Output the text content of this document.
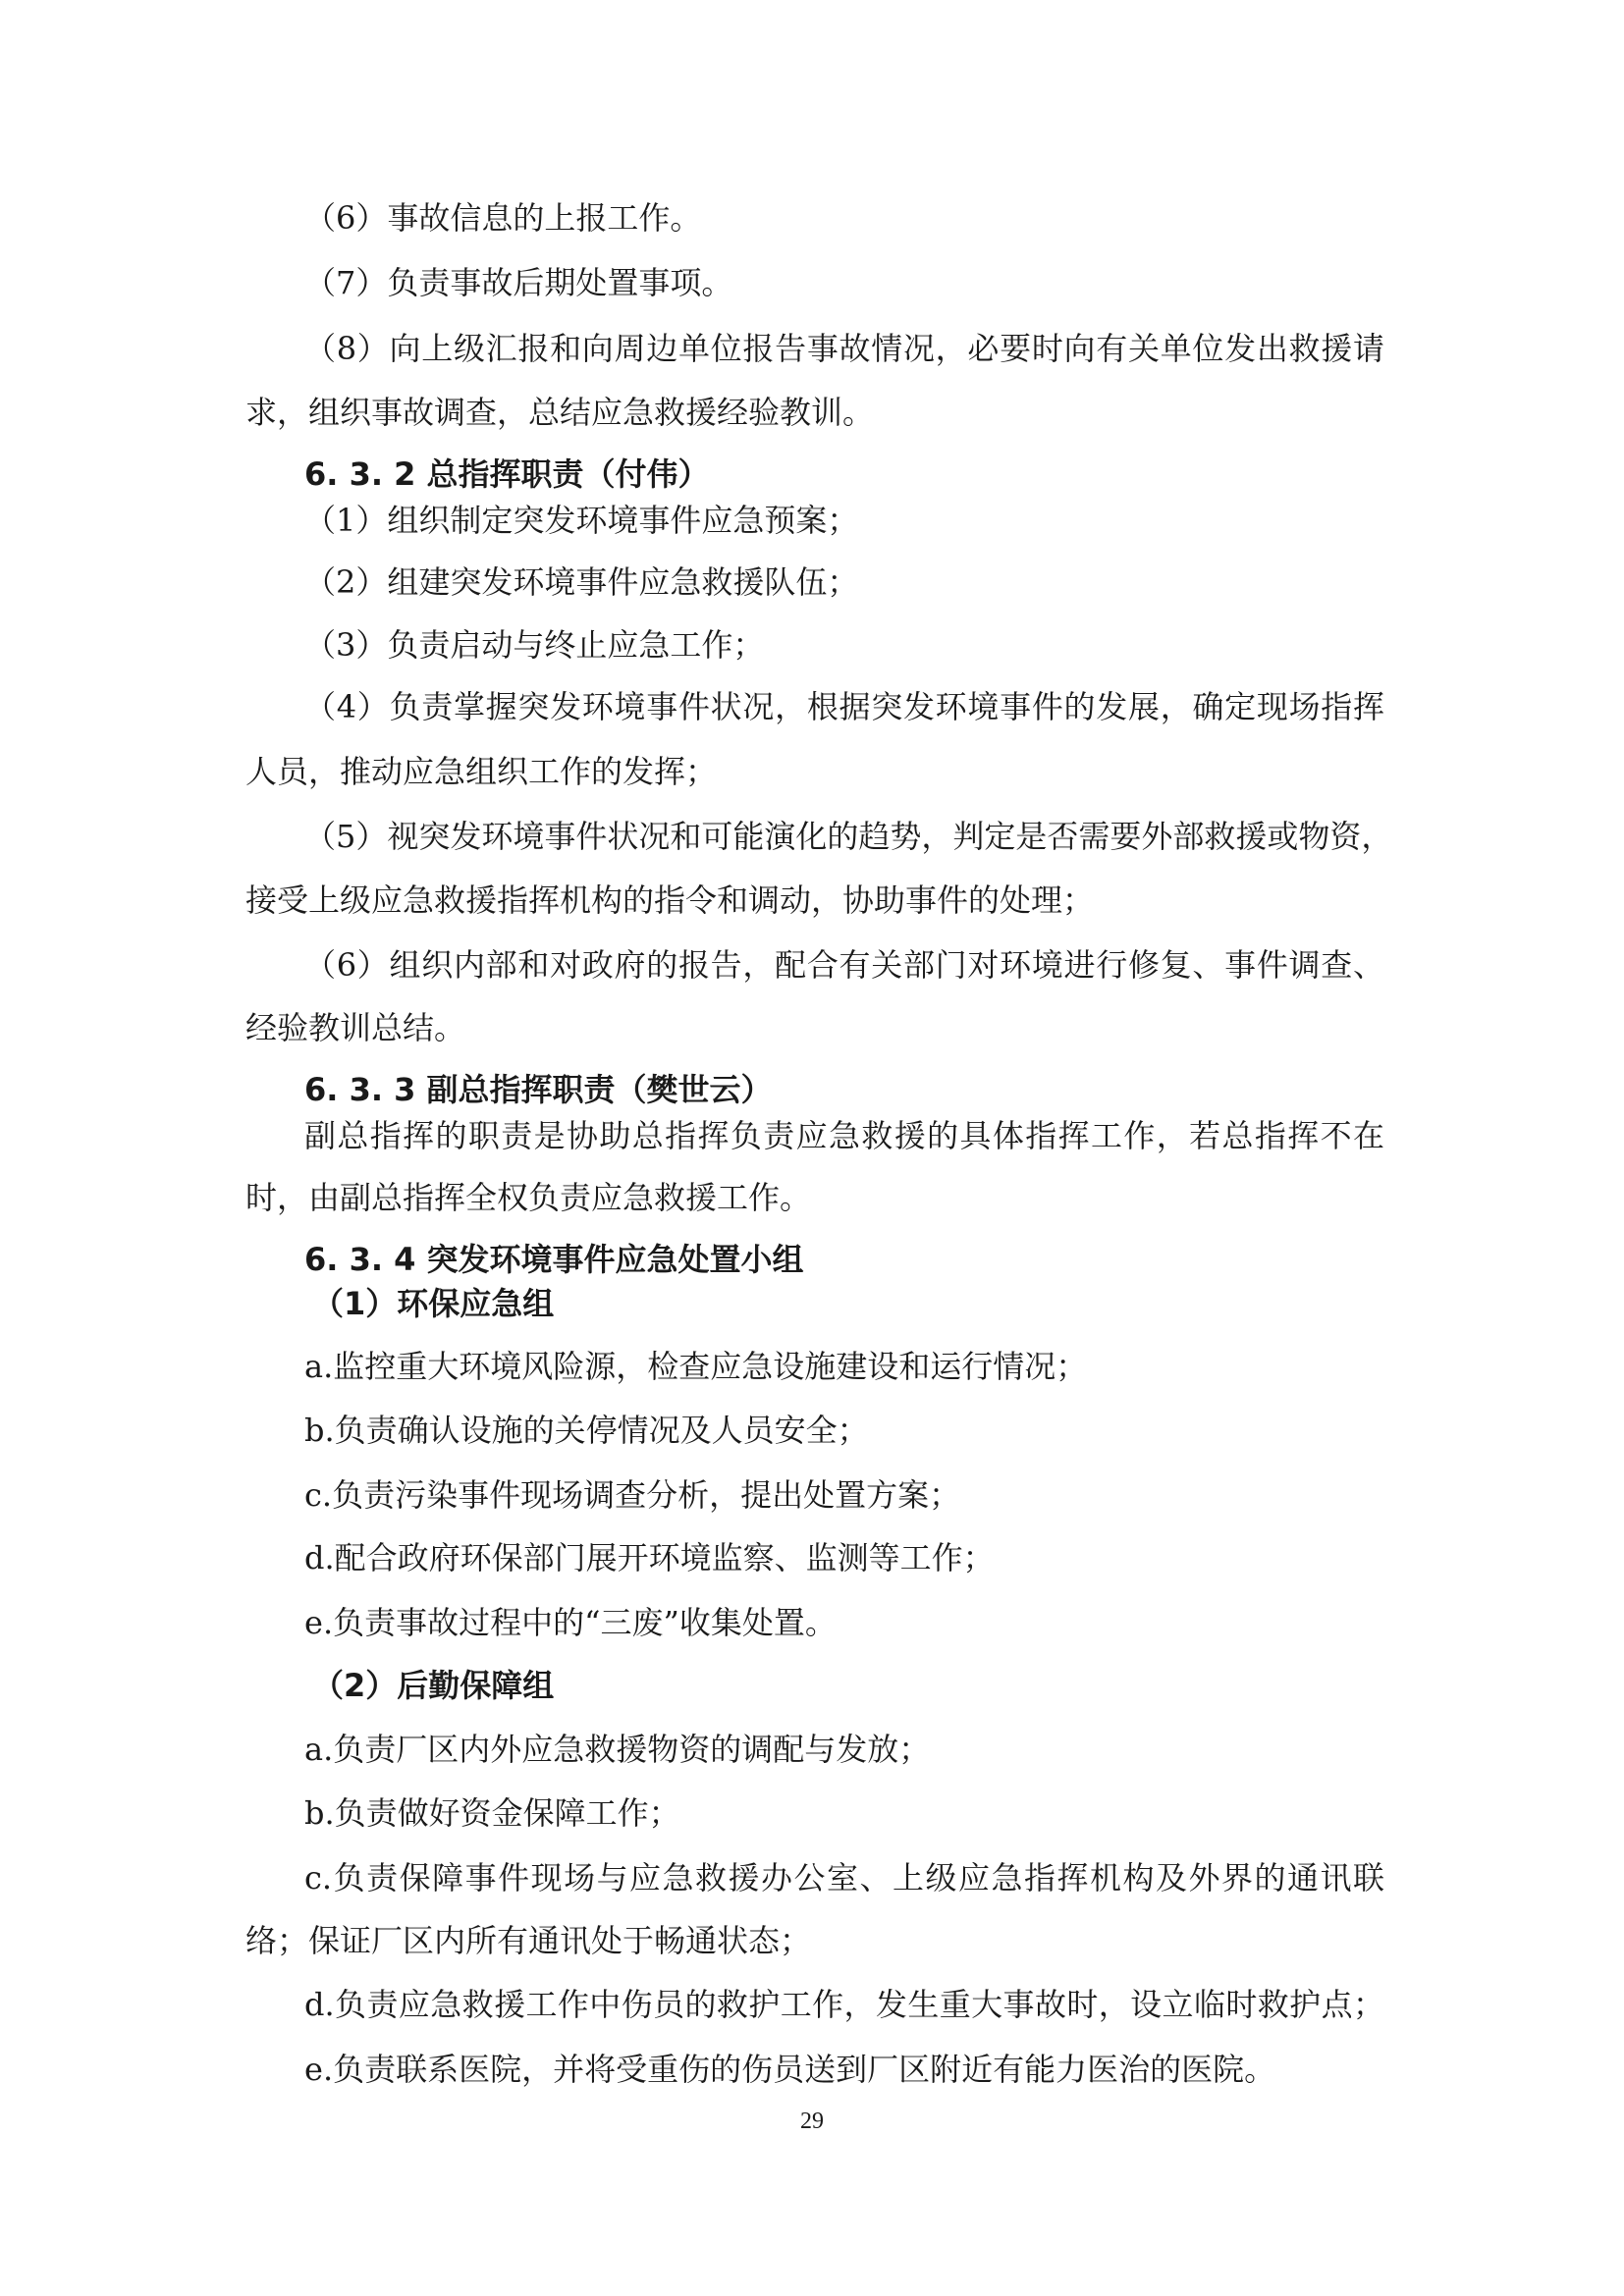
（6）事故信息的上报工作。
（7）负责事故后期处置事项。
（8）向上级汇报和向周边单位报告事故情况，必要时向有关单位发出救援请
求，组织事故调查，总结应急救援经验教训。
6. 3. 2 总指挥职责（付伟）
（1）组织制定突发环境事件应急预案；
（2）组建突发环境事件应急救援队伍；
（3）负责启动与终止应急工作；
（4）负责掌握突发环境事件状况，根据突发环境事件的发展，确定现场指挥
人员，推动应急组织工作的发挥；
（5）视突发环境事件状况和可能演化的趋势，判定是否需要外部救援或物资，
接受上级应急救援指挥机构的指令和调动，协助事件的处理；
（6）组织内部和对政府的报告，配合有关部门对环境进行修复、事件调查、
经验教训总结。
6. 3. 3 副总指挥职责（樊世云）
副总指挥的职责是协助总指挥负责应急救援的具体指挥工作，若总指挥不在
时，由副总指挥全权负责应急救援工作。
6. 3. 4 突发环境事件应急处置小组
（1）环保应急组
a.监控重大环境风险源，检查应急设施建设和运行情况；
b.负责确认设施的关停情况及人员安全；
c.负责污染事件现场调查分析，提出处置方案；
d.配合政府环保部门展开环境监察、监测等工作；
e.负责事故过程中的“三废”收集处置。
（2）后勤保障组
a.负责厂区内外应急救援物资的调配与发放；
b.负责做好资金保障工作；
c.负责保障事件现场与应急救援办公室、上级应急指挥机构及外界的通讯联
络；保证厂区内所有通讯处于畅通状态；
d.负责应急救援工作中伤员的救护工作，发生重大事故时，设立临时救护点；
e.负责联系医院，并将受重伤的伤员送到厂区附近有能力医治的医院。
29
